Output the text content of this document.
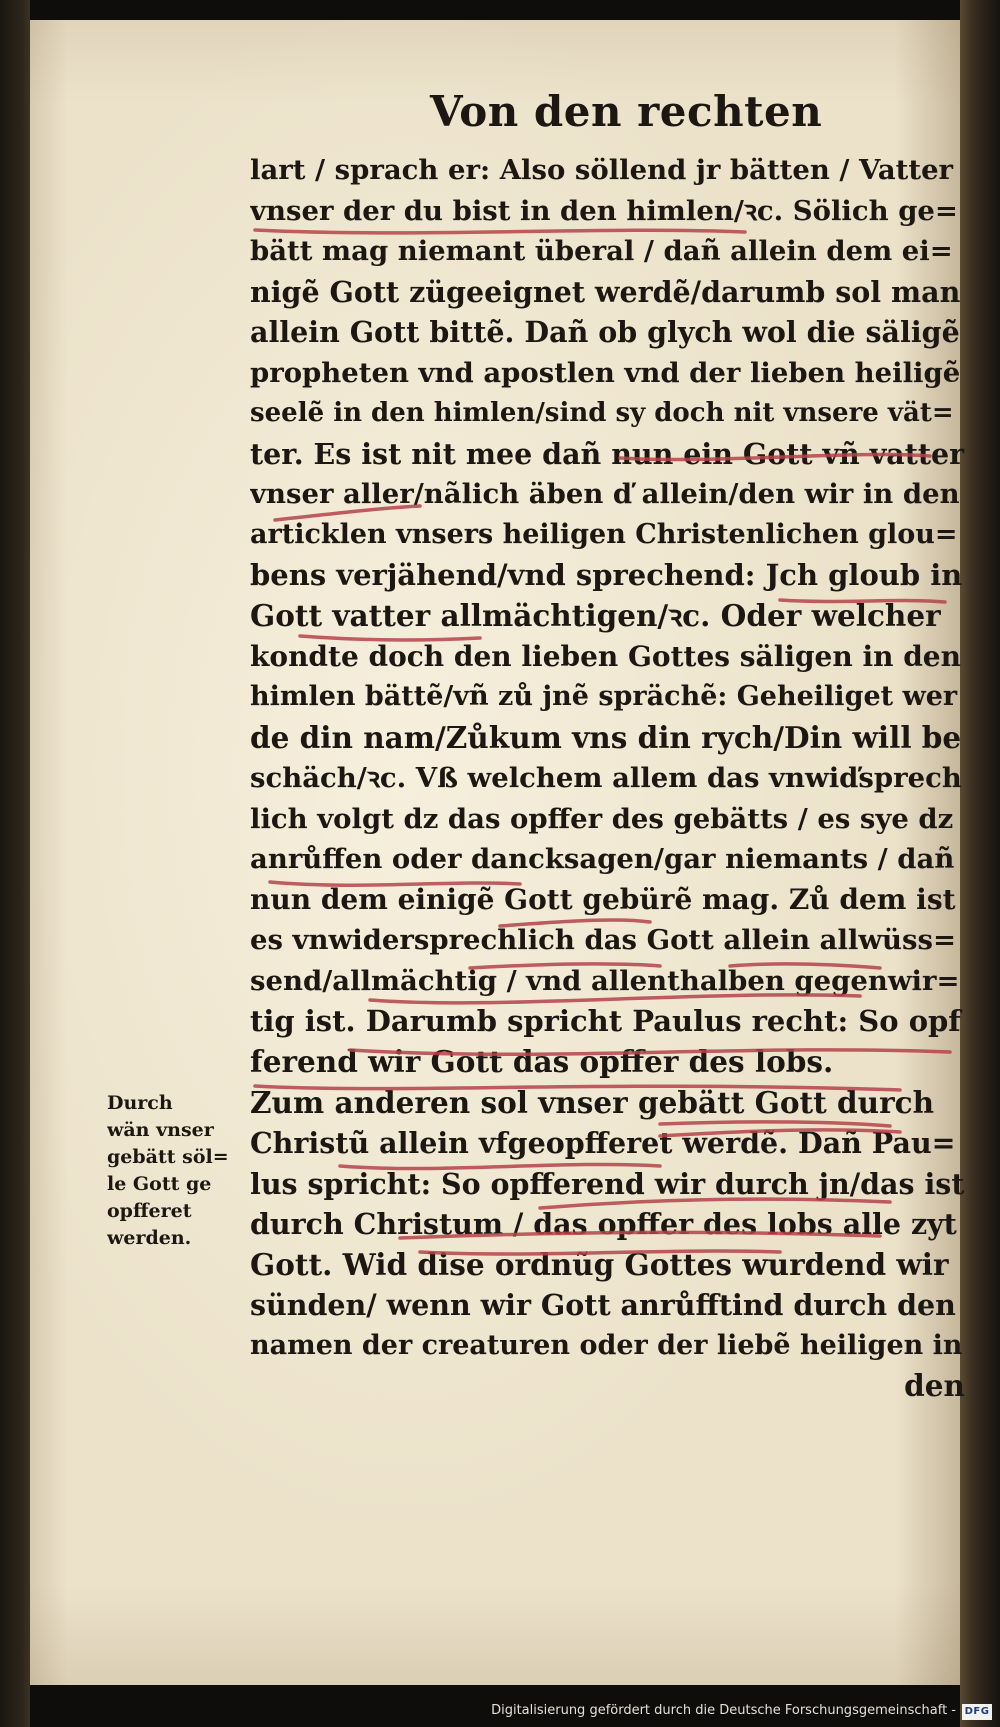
Von den rechten
lart / sprach er: Also söllend jr bätten / Vatter
vnser der du bist in den himlen/ꝛc. Sölich ge=
bätt mag niemant überal / dañ allein dem ei=
nigẽ Gott zügeeignet werdẽ/darumb sol man
allein Gott bittẽ. Dañ ob glych wol die säligẽ
propheten vnd apostlen vnd der lieben heiligẽ
seelẽ in den himlen/sind sy doch nit vnsere vät=
ter. Es ist nit mee dañ nun ein Gott vñ vatter
vnser aller/nãlich äben ď allein/den wir in den
articklen vnsers heiligen Christenlichen glou=
bens verjähend/vnd sprechend: Jch gloub in
Gott vatter allmächtigen/ꝛc. Oder welcher
kondte doch den lieben Gottes säligen in den
himlen bättẽ/vñ zů jnẽ sprächẽ: Geheiliget wer
de din nam/Zůkum vns din rych/Din will be
schäch/ꝛc. Vß welchem allem das vnwiďsprech
lich volgt dz das opffer des gebätts / es sye dz
anrůffen oder dancksagen/gar niemants / dañ
nun dem einigẽ Gott gebürẽ mag. Zů dem ist
es vnwidersprechlich das Gott allein allwüss=
send/allmächtig / vnd allenthalben gegenwir=
tig ist. Darumb spricht Paulus recht: So opf
ferend wir Gott das opffer des lobs.
Zum anderen sol vnser gebätt Gott durch
Christũ allein vfgeopfferet werdẽ. Dañ Pau=
lus spricht: So opfferend wir durch jn/das ist
durch Christum / das opffer des lobs alle zyt
Gott. Wid dise ordnũg Gottes wurdend wir
sünden/ wenn wir Gott anrůfftind durch den
namen der creaturen oder der liebẽ heiligen in
den
Durch
wän vnser
gebätt söl=
le Gott ge
opfferet
werden.
Digitalisierung gefördert durch die Deutsche Forschungsgemeinschaft - DFG
